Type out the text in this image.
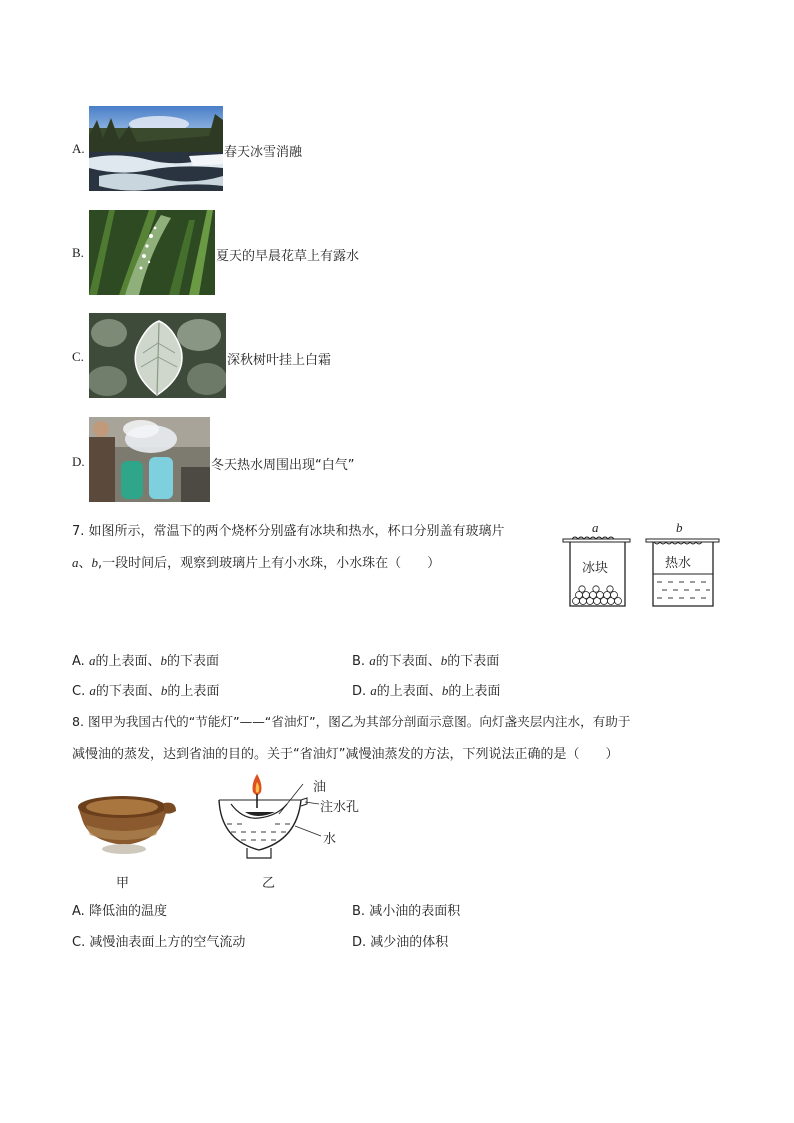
A.	春天冰雪消融
B.	夏天的早晨花草上有露水
C.	深秋树叶挂上白霜
D.	冬天热水周围出现“白气”
7. 如图所示，常温下的两个烧杯分别盛有冰块和热水，杯口分别盖有玻璃片
a、b,一段时间后，观察到玻璃片上有小水珠，小水珠在（　　）
a	b
冰块	热水
A. a的上表面、b的下表面	B. a的下表面、b的下表面
C. a的下表面、b的上表面	D. a的上表面、b的上表面
8. 图甲为我国古代的“节能灯”——“省油灯”，图乙为其部分剖面示意图。向灯盏夹层内注水，有助于
减慢油的蒸发，达到省油的目的。关于“省油灯”减慢油蒸发的方法，下列说法正确的是（　　）
甲
油
注水孔
水
乙
A. 降低油的温度	B. 减小油的表面积
C. 减慢油表面上方的空气流动	D. 减少油的体积
